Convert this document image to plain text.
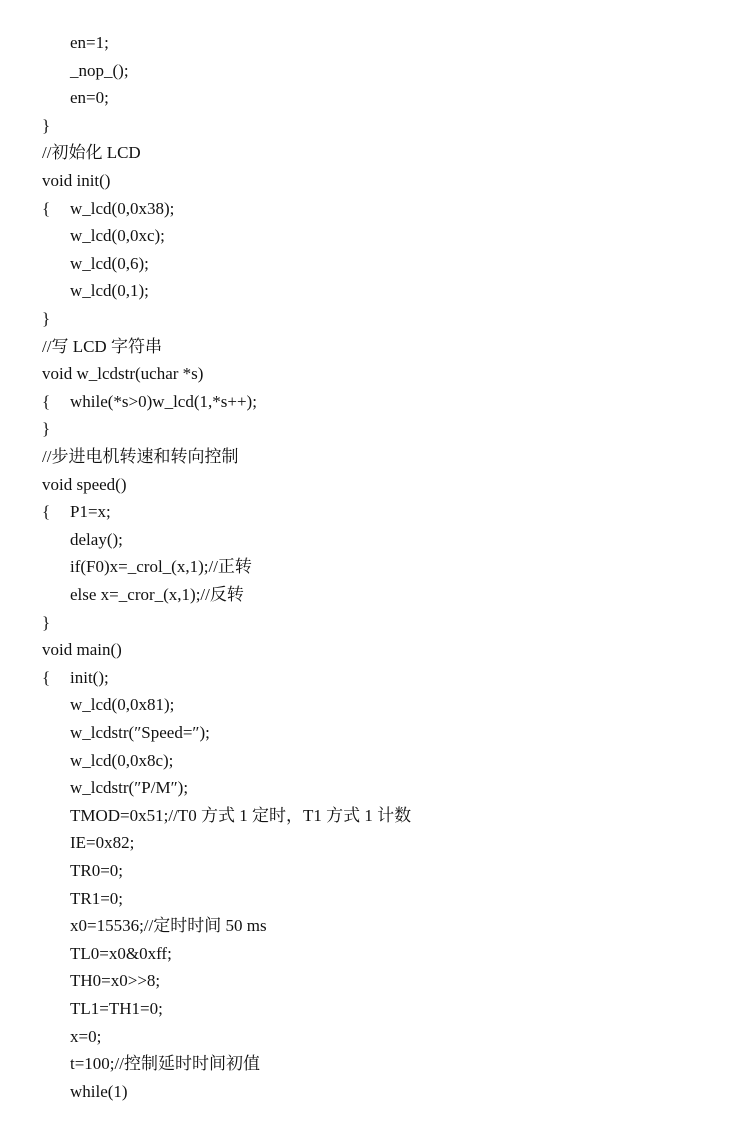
en=1;
_nop_();
en=0;
}
//初始化 LCD
void init()
{ w_lcd(0,0x38);
w_lcd(0,0xc);
w_lcd(0,6);
w_lcd(0,1);
}
//写 LCD 字符串
void w_lcdstr(uchar *s)
{ while(*s>0)w_lcd(1,*s++);
}
//步进电机转速和转向控制
void speed()
{ P1=x;
delay();
if(F0)x=_crol_(x,1);//正转
else x=_cror_(x,1);//反转
}
void main()
{ init();
w_lcd(0,0x81);
w_lcdstr(″Speed=″);
w_lcd(0,0x8c);
w_lcdstr(″P/M″);
TMOD=0x51;//T0 方式 1 定时，T1 方式 1 计数
IE=0x82;
TR0=0;
TR1=0;
x0=15536;//定时时间 50 ms
TL0=x0&0xff;
TH0=x0>>8;
TL1=TH1=0;
x=0;
t=100;//控制延时时间初值
while(1)
